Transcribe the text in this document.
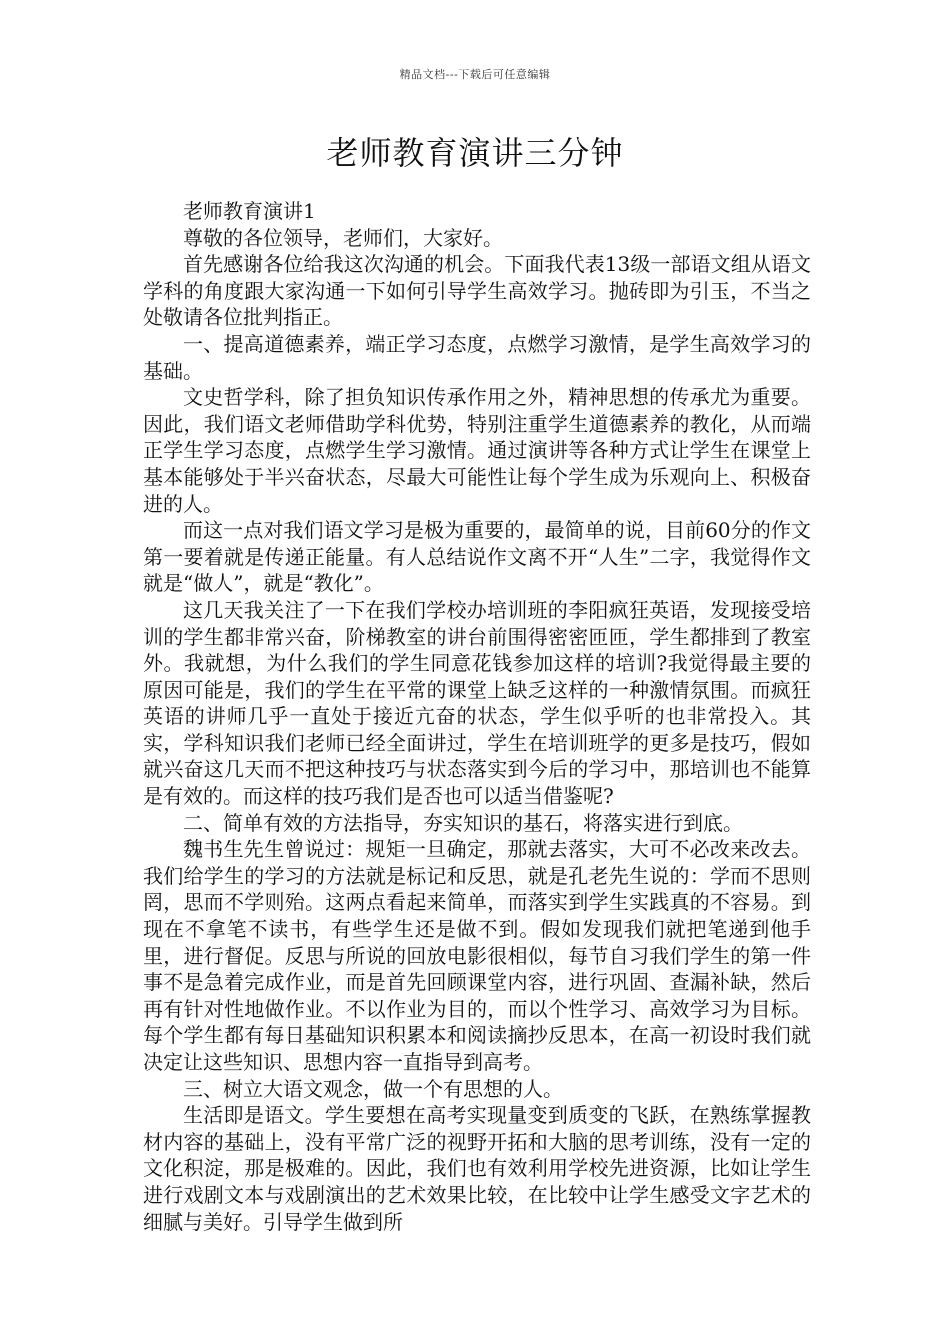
精品文档---下载后可任意编辑
老师教育演讲三分钟

老师教育演讲1

尊敬的各位领导，老师们，大家好。

首先感谢各位给我这次沟通的机会。下面我代表13级一部语文组从语文学科的角度跟大家沟通一下如何引导学生高效学习。抛砖即为引玉，不当之处敬请各位批判指正。

一、提高道德素养，端正学习态度，点燃学习激情，是学生高效学习的基础。

文史哲学科，除了担负知识传承作用之外，精神思想的传承尤为重要。因此，我们语文老师借助学科优势，特别注重学生道德素养的教化，从而端正学生学习态度，点燃学生学习激情。通过演讲等各种方式让学生在课堂上基本能够处于半兴奋状态，尽最大可能性让每个学生成为乐观向上、积极奋进的人。

而这一点对我们语文学习是极为重要的，最简单的说，目前60分的作文第一要着就是传递正能量。有人总结说作文离不开“人生”二字，我觉得作文就是“做人”，就是“教化”。

这几天我关注了一下在我们学校办培训班的李阳疯狂英语，发现接受培训的学生都非常兴奋，阶梯教室的讲台前围得密密匝匝，学生都排到了教室外。我就想，为什么我们的学生同意花钱参加这样的培训?我觉得最主要的原因可能是，我们的学生在平常的课堂上缺乏这样的一种激情氛围。而疯狂英语的讲师几乎一直处于接近亢奋的状态，学生似乎听的也非常投入。其实，学科知识我们老师已经全面讲过，学生在培训班学的更多是技巧，假如就兴奋这几天而不把这种技巧与状态落实到今后的学习中，那培训也不能算是有效的。而这样的技巧我们是否也可以适当借鉴呢?

二、简单有效的方法指导，夯实知识的基石，将落实进行到底。

魏书生先生曾说过：规矩一旦确定，那就去落实，大可不必改来改去。我们给学生的学习的方法就是标记和反思，就是孔老先生说的：学而不思则罔，思而不学则殆。这两点看起来简单，而落实到学生实践真的不容易。到现在不拿笔不读书，有些学生还是做不到。假如发现我们就把笔递到他手里，进行督促。反思与所说的回放电影很相似，每节自习我们学生的第一件事不是急着完成作业，而是首先回顾课堂内容，进行巩固、查漏补缺，然后再有针对性地做作业。不以作业为目的，而以个性学习、高效学习为目标。每个学生都有每日基础知识积累本和阅读摘抄反思本，在高一初设时我们就决定让这些知识、思想内容一直指导到高考。

三、树立大语文观念，做一个有思想的人。

生活即是语文。学生要想在高考实现量变到质变的飞跃，在熟练掌握教材内容的基础上，没有平常广泛的视野开拓和大脑的思考训练，没有一定的文化积淀，那是极难的。因此，我们也有效利用学校先进资源，比如让学生进行戏剧文本与戏剧演出的艺术效果比较，在比较中让学生感受文字艺术的细腻与美好。引导学生做到所
